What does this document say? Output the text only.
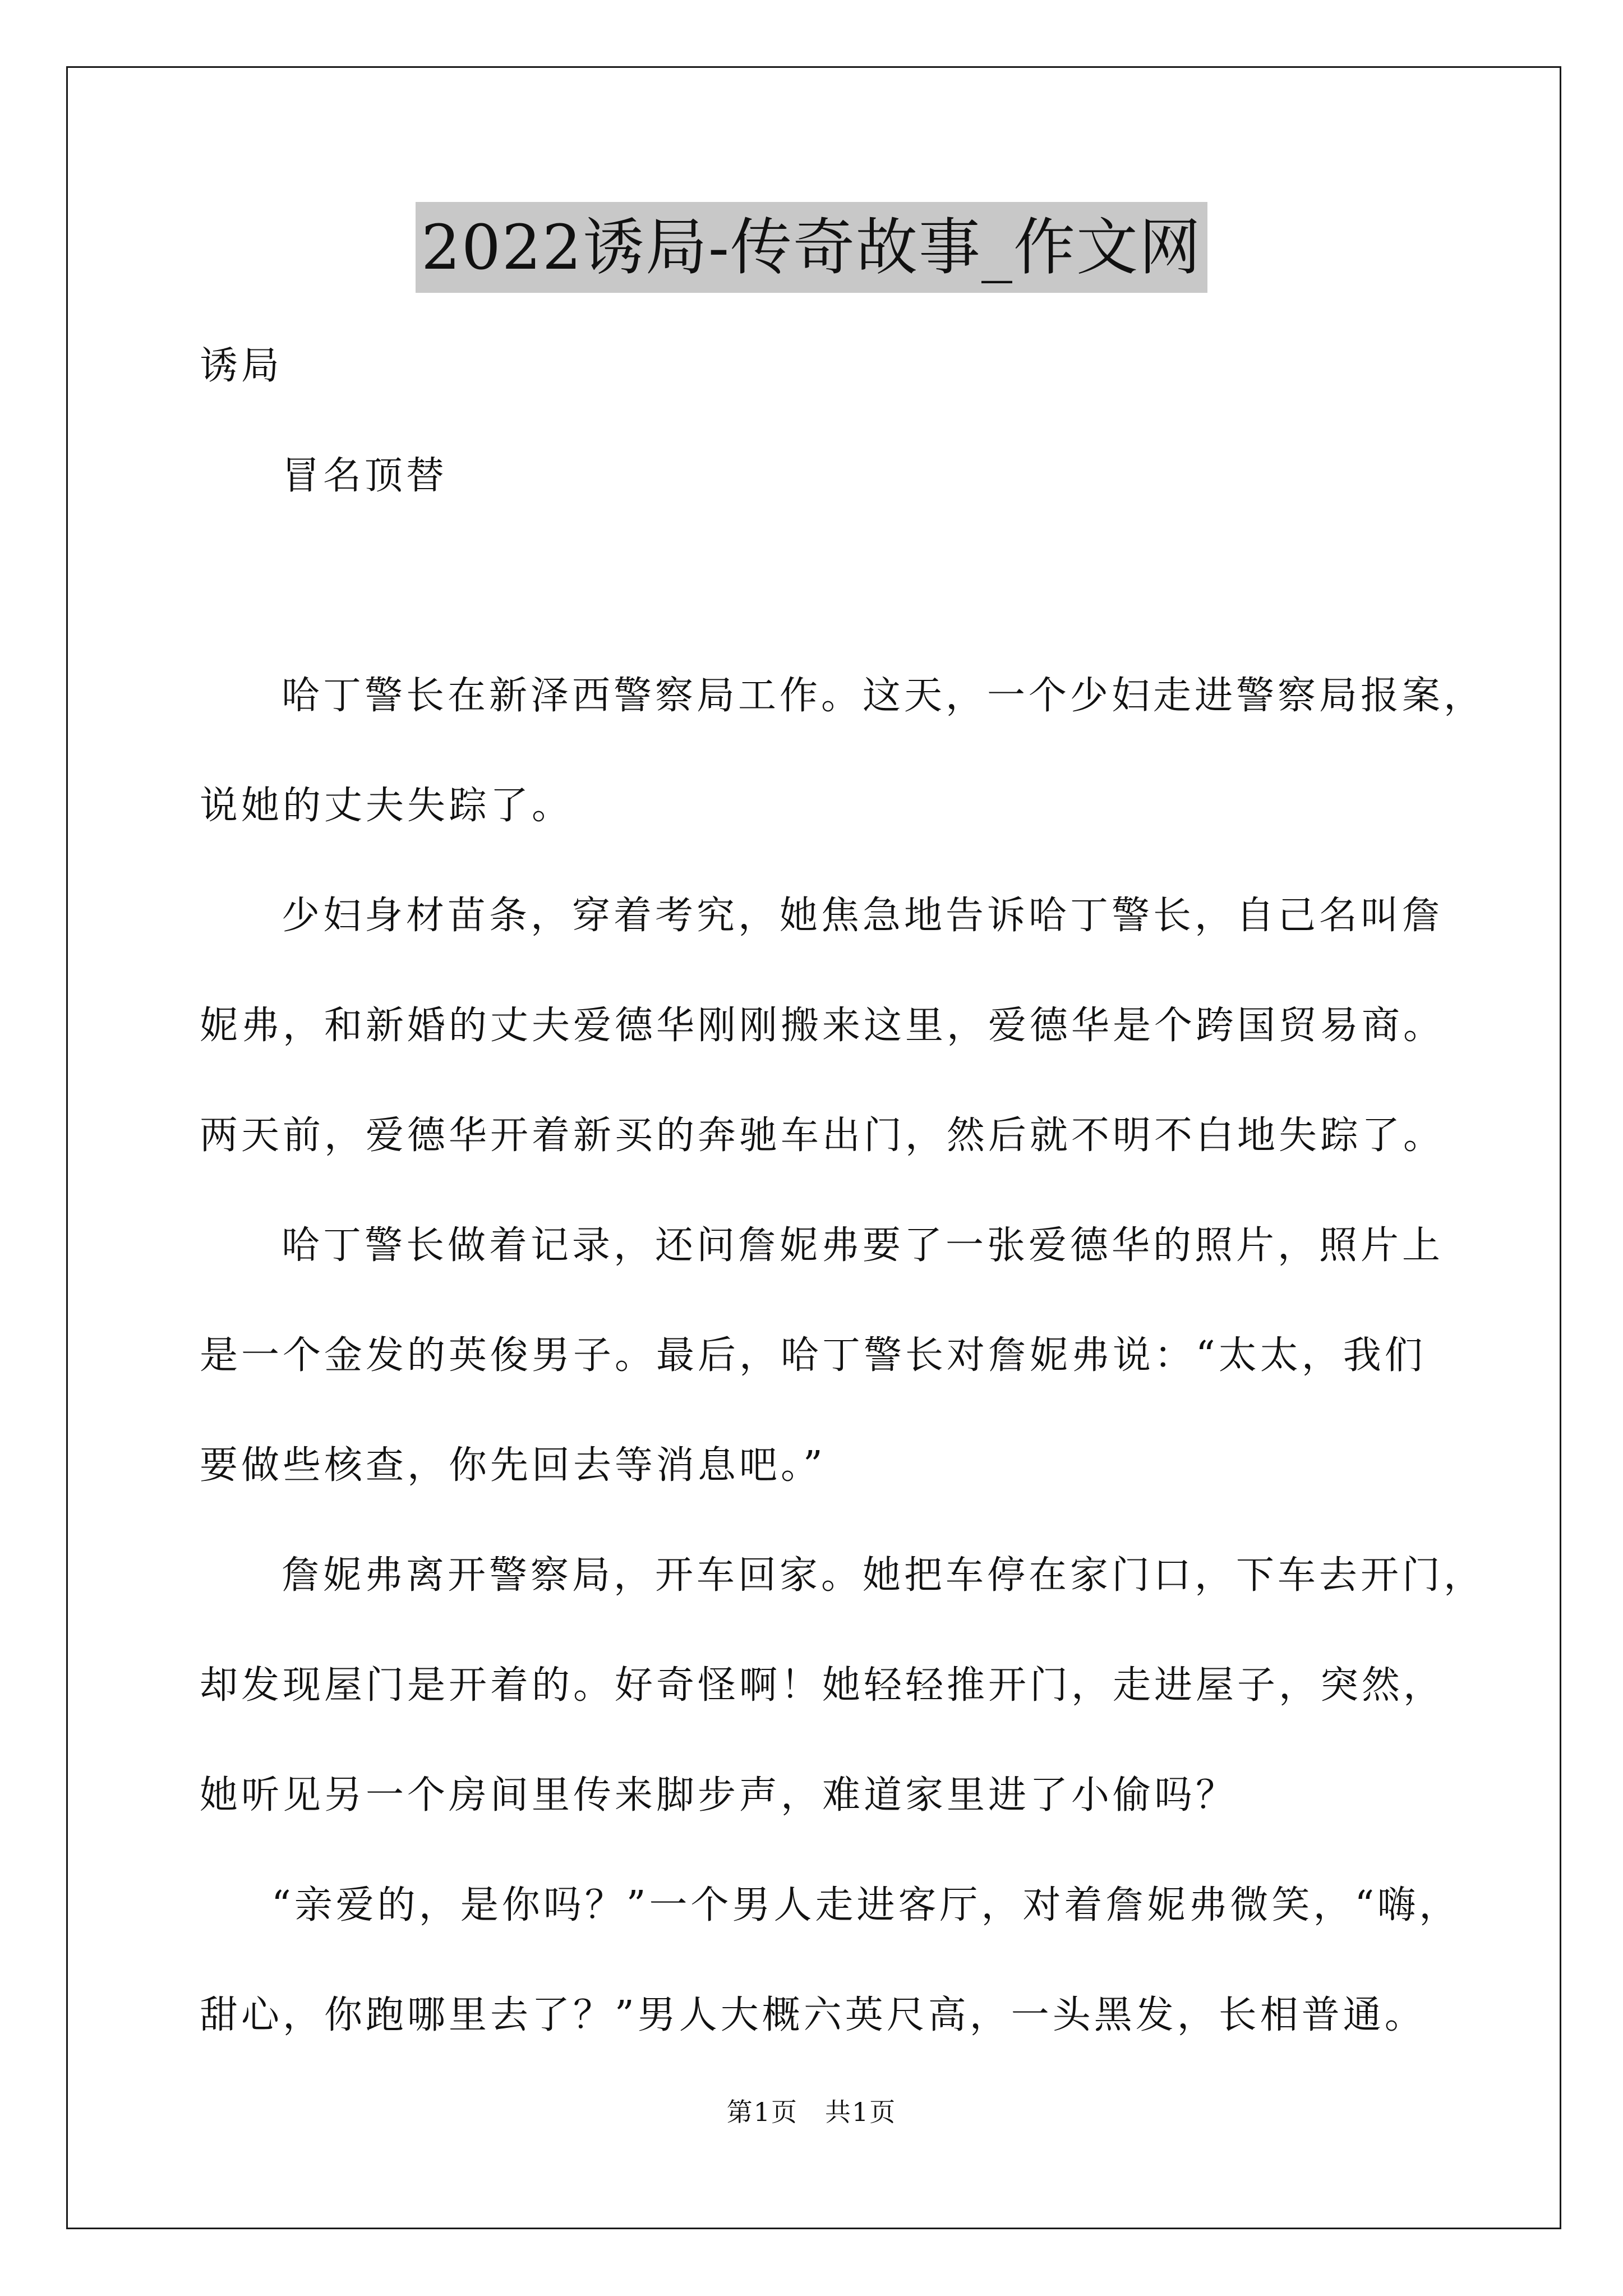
2022诱局-传奇故事_作文网
诱局
冒名顶替
哈丁警长在新泽西警察局工作。这天，一个少妇走进警察局报案，
说她的丈夫失踪了。
少妇身材苗条，穿着考究，她焦急地告诉哈丁警长，自己名叫詹
妮弗，和新婚的丈夫爱德华刚刚搬来这里，爱德华是个跨国贸易商。
两天前，爱德华开着新买的奔驰车出门，然后就不明不白地失踪了。
哈丁警长做着记录，还问詹妮弗要了一张爱德华的照片，照片上
是一个金发的英俊男子。最后，哈丁警长对詹妮弗说：“太太，我们
要做些核查，你先回去等消息吧。”
詹妮弗离开警察局，开车回家。她把车停在家门口，下车去开门，
却发现屋门是开着的。好奇怪啊！她轻轻推开门，走进屋子，突然，
她听见另一个房间里传来脚步声，难道家里进了小偷吗？
“亲爱的，是你吗？”一个男人走进客厅，对着詹妮弗微笑，“嗨，
甜心，你跑哪里去了？”男人大概六英尺高，一头黑发，长相普通。
第1页　共1页
